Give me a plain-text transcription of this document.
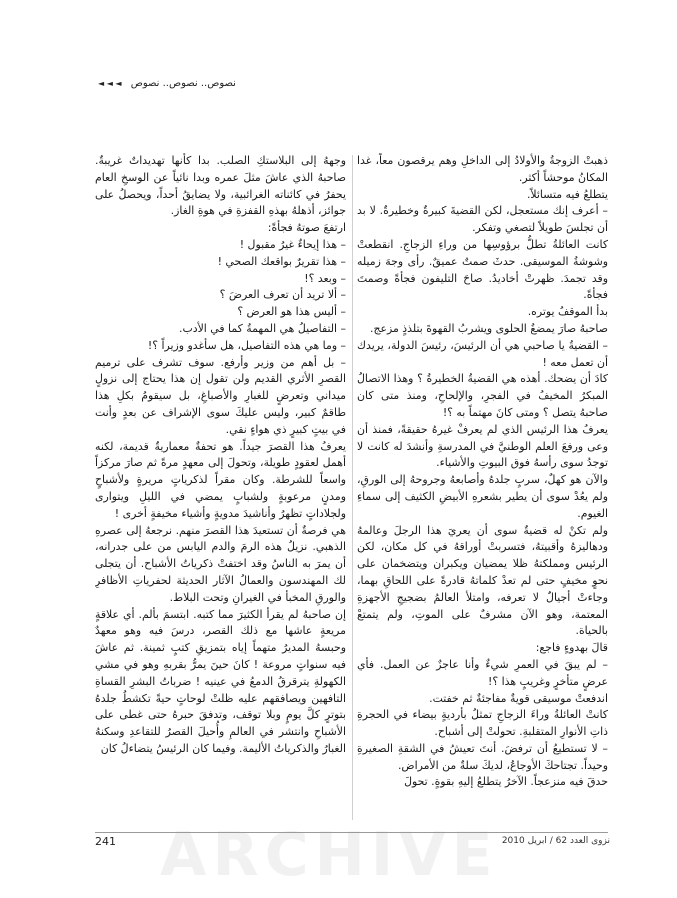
نصوص.. نصوص.. نصوص ◄ ◄ ◄

ذهبتْ الزوجةُ والأولادُ إلى الداخلِ وهم يرقصون معاً، غدا المكانُ موحشاً أكثر.

يتطلعُ فيه متسائلاً.

– أعرف إنك مستعجل، لكن القضيةَ كبيرةٌ وخطيرةٌ. لا بد أن تجلسَ طويلاً لتصغي وتفكر.

كانت العائلةُ تطلُّ برؤوسِها من وراءِ الزجاجِ. انقطعتْ وشوشةُ الموسيقى. حدثَ صمتٌ عميقٌ. رأى وجهَ زميله وقد تجمدَ. ظهرتْ أخاديدُ. صاحَ التليفون فجأةً وصمتَ فجأةً.

بدأ الموقفُ يوتره.

صاحبهُ صارَ يمضغُ الحلوى ويشربُ القهوةَ بتلذذٍ مزعج.

– القضيةُ يا صاحبي هي أن الرئيسَ، رئيسَ الدولة، يريدك أن تعمل معه !

كادَ أن يضحك. أهذه هي القضيةُ الخطيرةُ ؟ وهذا الاتصالُ المبكرُ المخيفُ في الفجرِ، والإلحاحِ، ومنذ متى كان صاحبهُ يتصل ؟ ومتى كانَ مهتماً به ؟!

يعرفُ هذا الرئيس الذي لم يعرفْ غيرهُ حقيقةً، فمنذ أن وعى ورفعَ العلم الوطنيَّ في المدرسةِ وأنشدَ له كانت لا توجدُ سوى رأسهُ فوق البيوتِ والأشياء.

والآن هو كهلٌ، سربٍ جلدهُ وأصابعهُ وجروحهُ إلى الورقِ، ولم يعُدْ سوى أن يطير بشعرهِ الأبيضِ الكثيف إلى سماءِ الغيوم.

ولم تكنْ له قضيةٌ سوى أن يعريَ هذا الرجلَ وعالمهُ ودهاليزهُ وأقبيتهُ، فتسربتْ أوراقهُ في كل مكان، لكن الرئيس ومملكتهُ ظلا يمضيان ويكبران ويتضخمان على نحوٍ مخيفٍ حتى لم تعدْ كلماتهُ قادرةً على اللحاقِ بهما، وجاءتْ أجيالٌ لا تعرفه، وامتلأ العالمُ بضجيجِ الأجهزةِ المعتمة، وهو الآن مشرفٌ على الموتِ، ولم يتمتعْ بالحياة.

قالَ بهدوءٍ فاجع:

– لم يبقَ في العمرِ شيءٌ وأنا عاجزٌ عن العمل. فأي عرضٍ متأخرٍ وغريبٍ هذا ؟!

اندفعتْ موسيقى قويةٌ مفاجئةٌ ثم خفتت.

كانتْ العائلةُ وراءَ الزجاجِ تمثلُ بأرديةٍ بيضاء في الحجرةِ ذاتِ الأنوارِ المتقلبةِ. تحولتْ إلى أشباح.

– لا تستطيعُ أن ترفضَ. أنتَ تعيشُ في الشقةِ الصغيرةِ وحيداً. تجتاحكَ الأوجاعُ، لديكَ سلةٌ من الأمراض.

حدقَ فيه منزعجاً. الآخرُ يتطلعُ إليهِ بقوةٍ. تحولَ

وجههُ إلى البلاستكِ الصلب. بدا كأنها تهديداتٌ غريبةٌ. صاحبهُ الذي عاشَ مثلَ عمره وبدا نائياً عن الوسخِ العام يحفرُ في كائناته الغرائبية، ولا يضايقُ أحداً، ويحصلُ على جوائز، أذهلهُ بهذهِ القفزةِ في هوةِ الغاز.

ارتفعَ صوتهُ فجأةً:

– هذا إيحاءٌ غيرُ مقبول !

– هذا تقريرٌ بواقعك الصحي !

– وبعد ؟!

– ألا تريد أن تعرف العرضَ ؟

– أليس هذا هو العرض ؟

– التفاصيلُ هي المهمةُ كما في الأدب.

– وما هي هذه التفاصيل، هل سأغدو وزيراً ؟!

– بل أهم من وزير وأرفع. سوف تشرف على ترميم القصرِ الأثري القديم ولن تقول إن هذا يحتاج إلى نزولٍ ميداني وتعرضٍ للغبارِ والأصباغِ، بل سيقومُ بكلِ هذا طاقمٌ كبير، وليس عليكَ سوى الإشراف عن بعدٍ وأنت في بيتٍ كبيرٍ ذي هواءٍ نقي.

يعرفُ هذا القصرَ جيداً. هو تحفةٌ معماريةٌ قديمة، لكنه أهمل لعقودٍ طويلة، وتحولَ إلى معهدٍ مرةً ثم صارَ مركزاً واسعاً للشرطة. وكان مقراً لذكرياتٍ مريرةٍ ولأشباحٍ ومدنٍ مرعوبةٍ ولشبابٍ يمضي في الليلِ ويتوارى ولجلاداتٍ تظهرُ وأناشيدَ مدويةٍ وأشياء مخيفةٍ أخرى !

هي فرصةٌ أن تستعيدَ هذا القصرَ منهم. نرجعهُ إلى عصرهِ الذهبي. نزيلُ هذه الرمَ والدم اليابس من على جدرانه، أن يمرَ به الناسُ وقد اختفتْ ذكرياتُ الأشباح. أن يتجلى لك المهندسون والعمالُ الآثار الحديثة لحفرياتِ الأظافرِ والورقِ المخبأ في الغيرانِ وتحت البلاط.

إن صاحبهُ لم يقرأ الكثيرَ مما كتبه. ابتسمَ بألم. أي علاقةٍ مريعةٍ عاشها مع ذلك القصر، درسَ فيه وهو معهدٌ وحبسهُ المديرُ متهماً إياه بتمزيقِ كتبٍ ثمينة. ثم عاشَ فيه سنواتٍ مروعة ! كانَ حينَ يمرُّ بقربهِ وهو في مشي الكهولةِ يترقرقُ الدمعُ في عينيه ! ضرباتُ البشرِ القساةِ التافهين ويصافقهم عليه ظلتْ لوحاتٍ حيةً تكشطُ جلدهُ بتوترٍ كلَّ يومٍ وبلا توقف، وتدفقَ حبرهُ حتى غطى على الأشباحِ وانتشر في العالمِ وأُحيلَ القصرُ للتقاعدِ وسكنهُ الغبارُ والذكرياتُ الأليمة. وفيما كان الرئيسُ يتضاءلُ كان

ARCHIVE
241	نزوى العدد 62 / ابريل 2010
